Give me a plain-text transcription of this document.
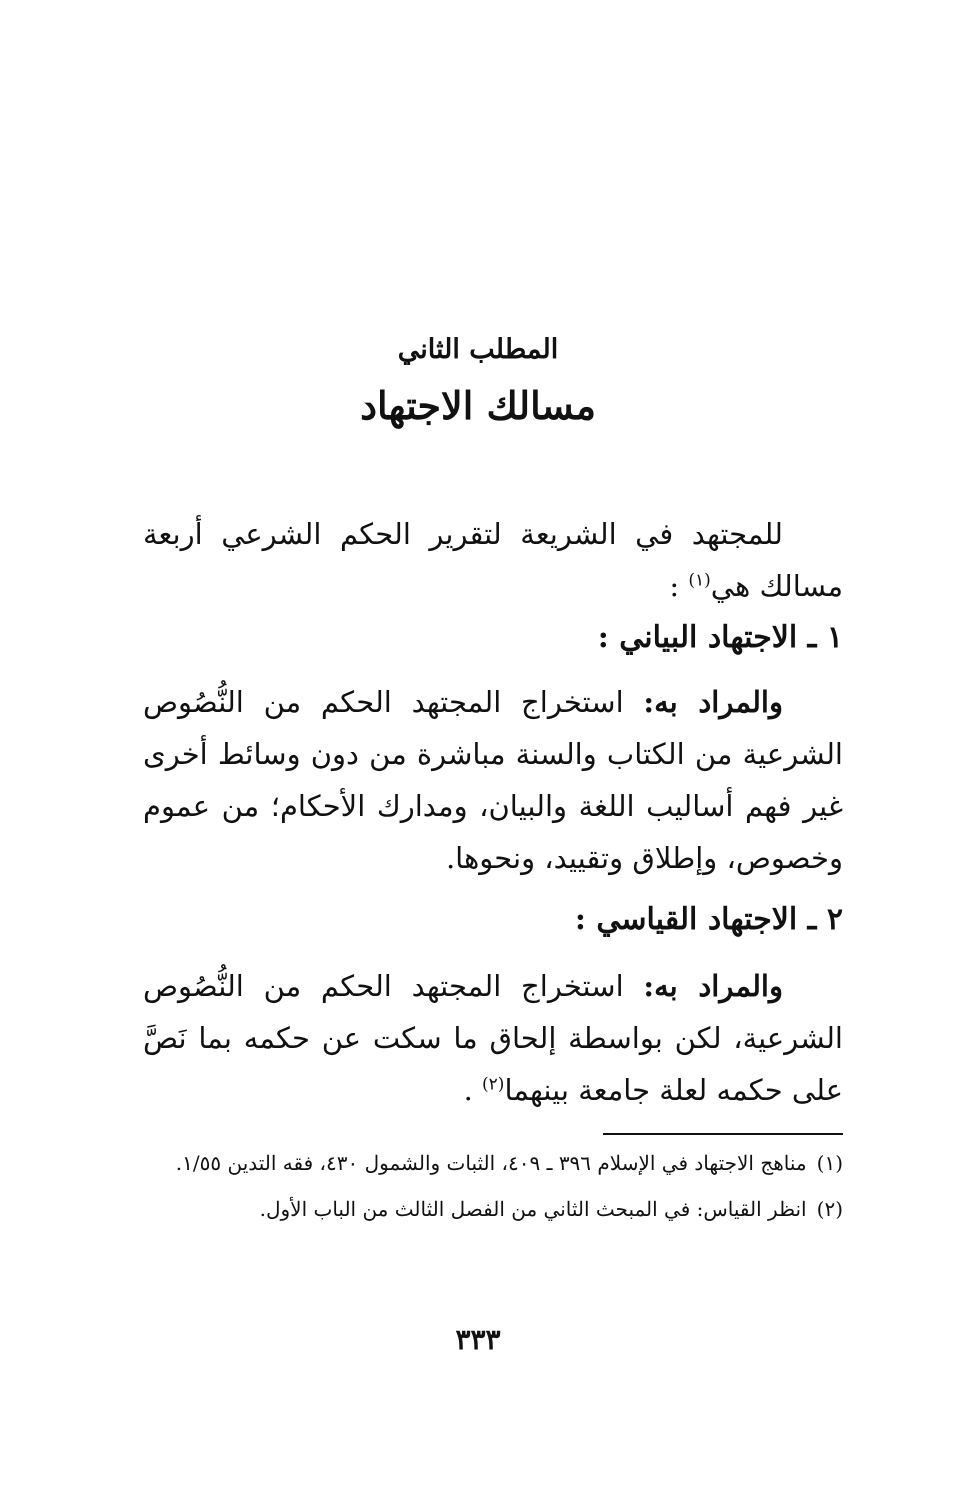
المطلب الثاني
مسالك الاجتهاد

للمجتهد في الشريعة لتقرير الحكم الشرعي أربعة مسالك هي$^{(١)}$ :

١ ـ الاجتهاد البياني :

والمراد به: استخراج المجتهد الحكم من النُّصُوص الشرعية من الكتاب والسنة مباشرة من دون وسائط أخرى غير فهم أساليب اللغة والبيان، ومدارك الأحكام؛ من عموم وخصوص، وإطلاق وتقييد، ونحوها.

٢ ـ الاجتهاد القياسي :

والمراد به: استخراج المجتهد الحكم من النُّصُوص الشرعية، لكن بواسطة إلحاق ما سكت عن حكمه بما نَصَّ على حكمه لعلة جامعة بينهما$^{(٢)}$ .

(١)مناهج الاجتهاد في الإسلام ٣٩٦ ـ ٤٠٩، الثبات والشمول ٤٣٠، فقه التدين ١/٥٥.

(٢)انظر القياس: في المبحث الثاني من الفصل الثالث من الباب الأول.

٣٣٣
